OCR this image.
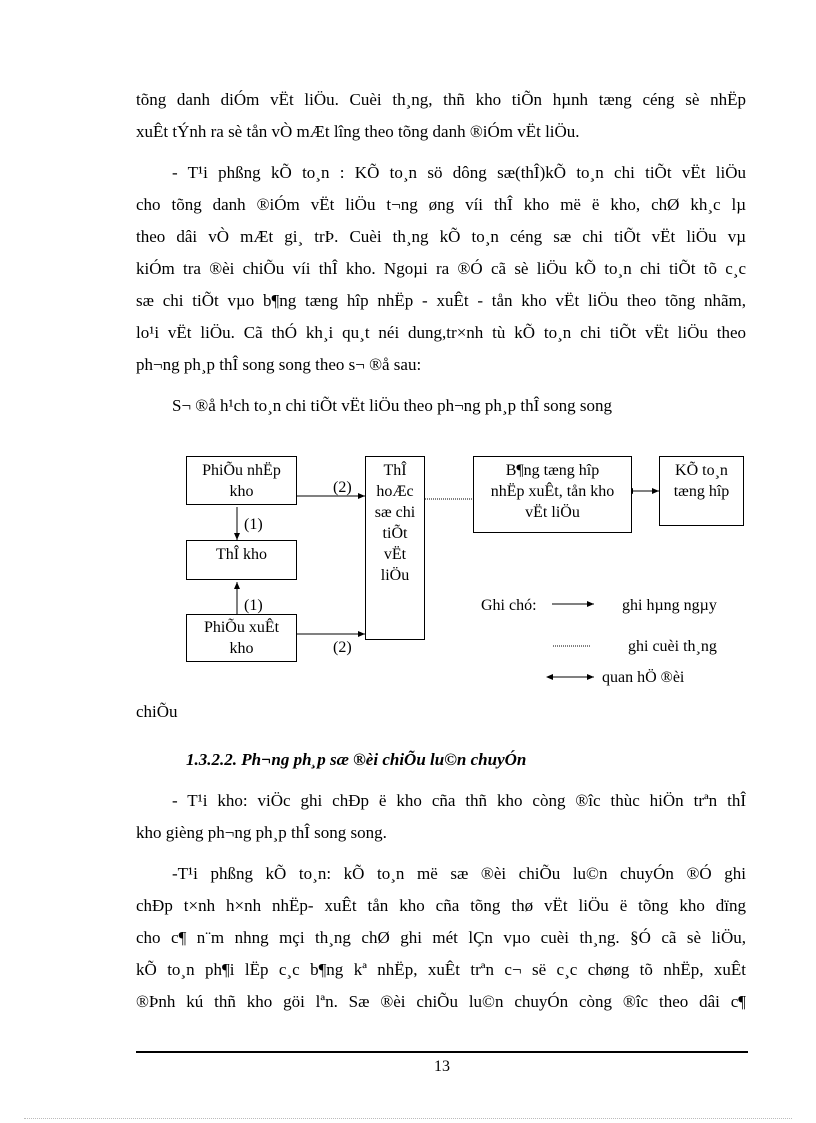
tõng danh diÓm vËt liÖu. Cuèi th¸ng, thñ kho tiÕn hµnh tæng céng sè nhËp
xuÊt tÝnh ra sè tån vÒ mÆt lîng theo tõng danh ®iÓm vËt liÖu.
- T¹i phßng kÕ to¸n : KÕ to¸n sö dông sæ(thÎ)kÕ to¸n chi tiÕt vËt liÖu
cho tõng danh ®iÓm vËt liÖu t¬ng øng víi thÎ kho më ë kho, chØ kh¸c lµ
theo dâi vÒ mÆt gi¸ trÞ. Cuèi th¸ng kÕ to¸n céng sæ chi tiÕt vËt liÖu vµ
kiÓm tra ®èi chiÕu víi thÎ kho. Ngoµi ra ®Ó cã sè liÖu kÕ to¸n chi tiÕt tõ c¸c
sæ chi tiÕt vµo b¶ng tæng hîp nhËp - xuÊt - tån kho vËt liÖu theo tõng nhãm,
lo¹i vËt liÖu. Cã thÓ kh¸i qu¸t néi dung,tr×nh tù kÕ to¸n chi tiÕt vËt liÖu theo
ph¬ng ph¸p thÎ song song theo s¬ ®å sau:
S¬ ®å h¹ch to¸n chi tiÕt vËt liÖu theo ph¬ng ph¸p thÎ song song
PhiÕu nhËp
kho
ThÎ kho
PhiÕu xuÊt
kho
ThÎ
hoÆc
sæ chi
tiÕt
vËt
liÖu
B¶ng tæng hîp
nhËp xuÊt, tån kho
vËt liÖu
KÕ to¸n
tæng hîp
(2)
(1)
(1)
(2)
Ghi chó:	ghi hµng ngµy
ghi cuèi th¸ng
quan hÖ ®èi
chiÕu
1.3.2.2. Ph¬ng ph¸p sæ ®èi chiÕu lu©n chuyÓn
- T¹i kho: viÖc ghi chÐp ë kho cña thñ kho còng ®îc thùc hiÖn trªn thÎ
kho gièng ph¬ng ph¸p thÎ song song.
-T¹i phßng kÕ to¸n: kÕ to¸n më sæ ®èi chiÕu lu©n chuyÓn ®Ó ghi
chÐp t×nh h×nh nhËp- xuÊt tån kho cña tõng thø vËt liÖu ë tõng kho dïng
cho c¶ n¨m nhng mçi th¸ng chØ ghi mét lÇn vµo cuèi th¸ng. §Ó cã sè liÖu,
kÕ to¸n ph¶i lËp c¸c b¶ng kª nhËp, xuÊt trªn c¬ së c¸c chøng tõ nhËp, xuÊt
®Þnh kú thñ kho göi lªn. Sæ ®èi chiÕu lu©n chuyÓn còng ®îc theo dâi c¶
13
